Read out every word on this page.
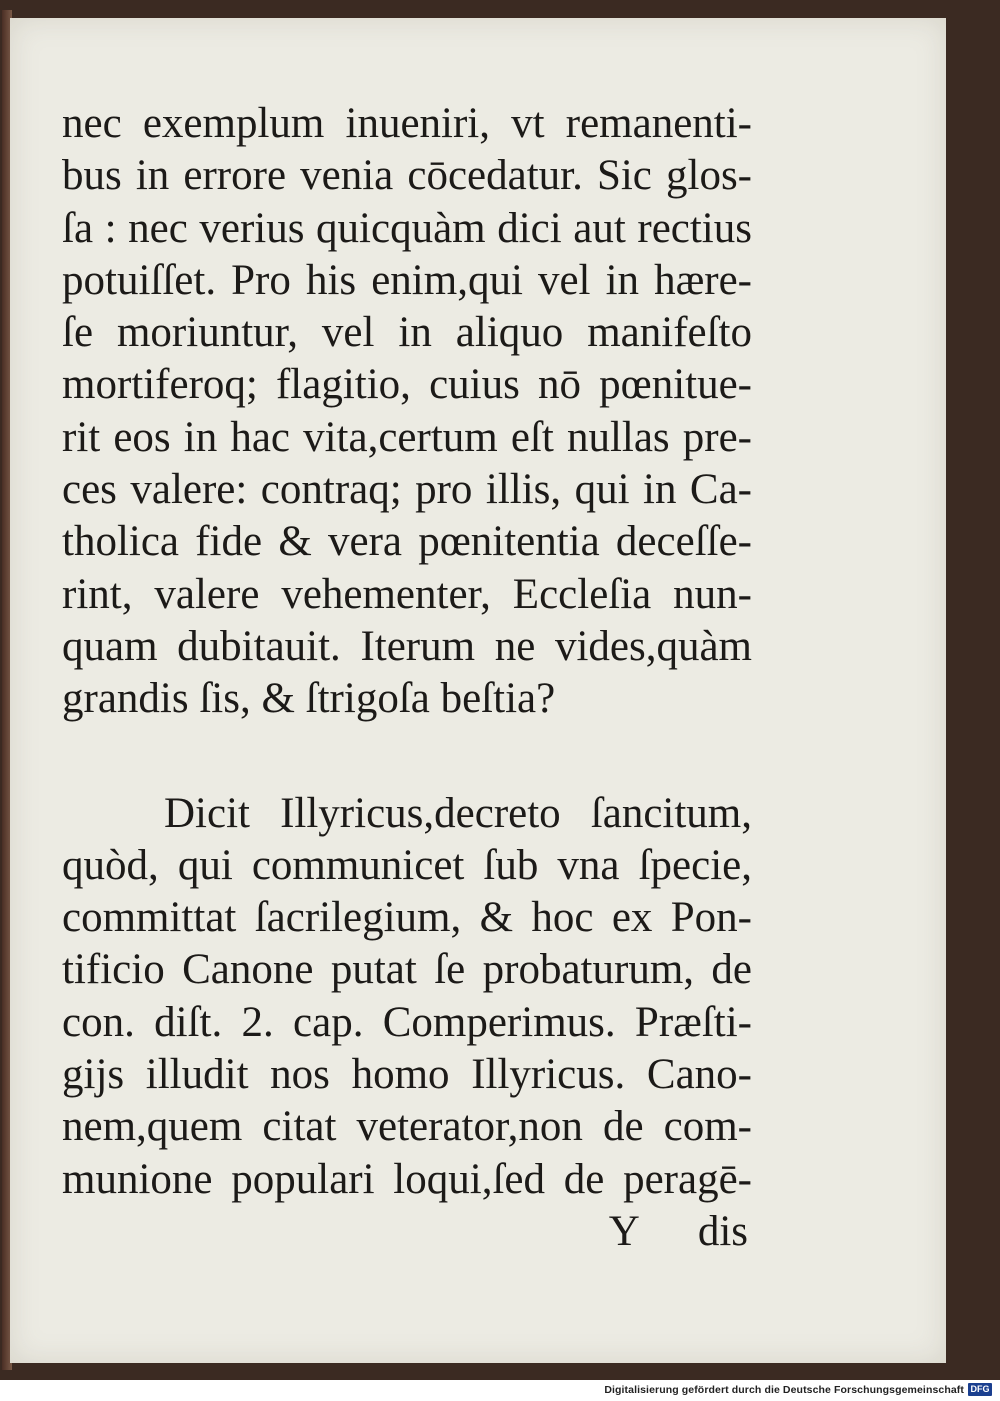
nec exemplum inueniri, vt remanenti-
bus in errore venia cōcedatur. Sic glos-
ſa : nec verius quicquàm dici aut rectius
potuiſſet. Pro his enim,qui vel in hære-
ſe moriuntur, vel in aliquo manifeſto
mortiferoq; flagitio, cuius nō pœnitue-
rit eos in hac vita,certum eſt nullas pre-
ces valere: contraq; pro illis, qui in Ca-
tholica fide & vera pœnitentia deceſſe-
rint, valere vehementer, Eccleſia nun-
quam dubitauit. Iterum ne vides,quàm
grandis ſis, & ſtrigoſa beſtia?
Dicit Illyricus,decreto ſancitum,
quòd, qui communicet ſub vna ſpecie,
committat ſacrilegium, & hoc ex Pon-
tificio Canone putat ſe probaturum, de
con. diſt. 2. cap. Comperimus. Præſti-
gijs illudit nos homo Illyricus. Cano-
nem,quem citat veterator,non de com-
munione populari loqui,ſed de peragē-
Y dis
Digitalisierung gefördert durch die Deutsche Forschungsgemeinschaft DFG
